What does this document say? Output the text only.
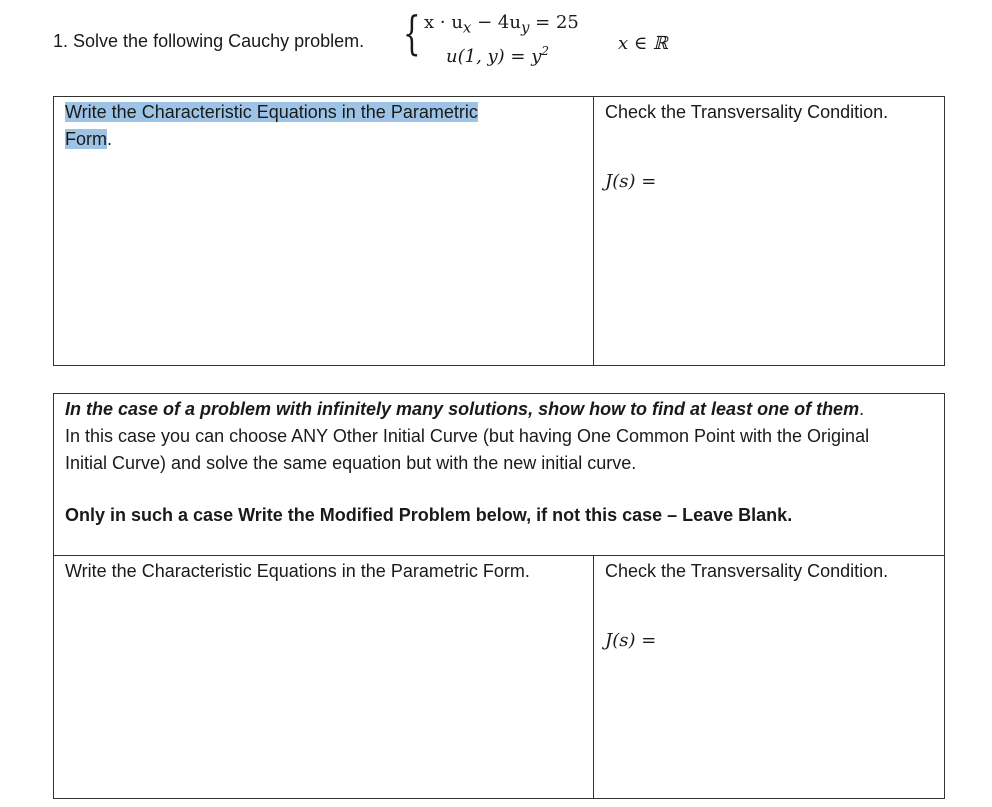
1. Solve the following Cauchy problem. { $x \cdot u_x - 4u_y = 25$
u(1, $y) = y^2$	x ∈ ℝ
Write the Characteristic Equations in the Parametric
Form.
Check the Transversality Condition.
J(s) =
In the case of a problem with infinitely many solutions, show how to find at least one of them.
In this case you can choose ANY Other Initial Curve (but having One Common Point with the Original Initial Curve) and solve the same equation but with the new initial curve.
Only in such a case Write the Modified Problem below, if not this case – Leave Blank.
Write the Characteristic Equations in the Parametric Form.	Check the Transversality Condition.
J(s) =
